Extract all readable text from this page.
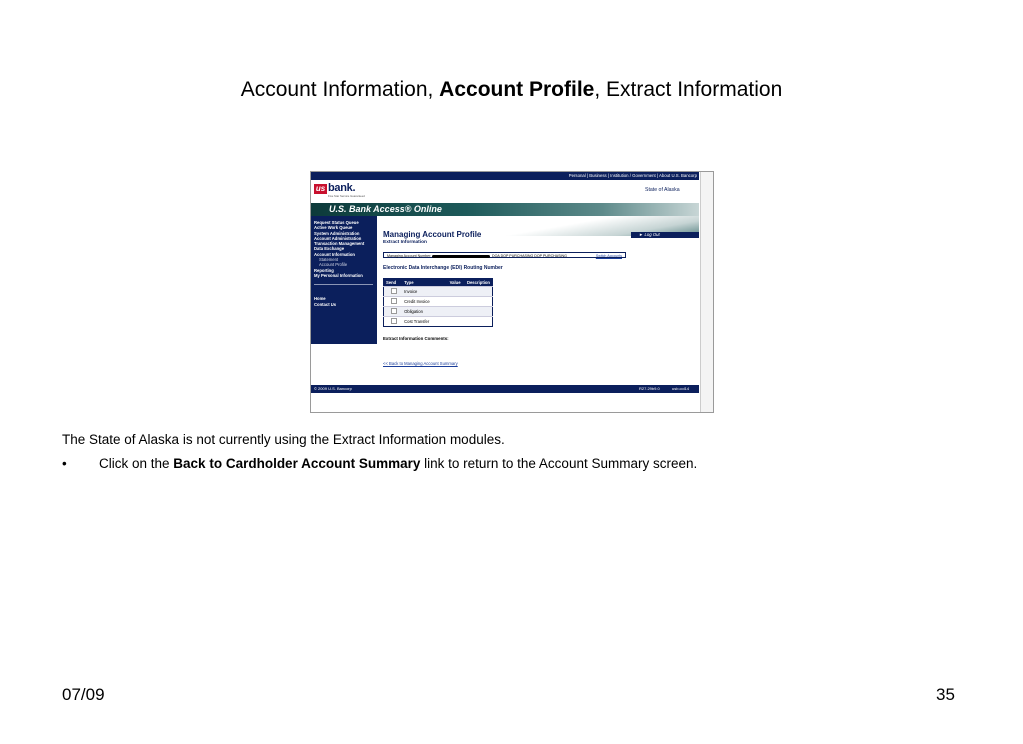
Account Information, Account Profile, Extract Information
Personal | Business | Institution / Government | About U.S. Bancorp
us bank.
Five Star Service Guaranteed
State of Alaska
U.S. Bank Access® Online
Request Status Queue
Active Work Queue
System Administration
Account Administration
Transaction Management
Data Exchange
Account Information
Statement
Account Profile
Reporting
My Personal Information
Home
Contact Us
► Log Out
Managing Account Profile
Extract Information
Managing Account Number:	DOA DOP PURCHASING DOP PURCHASING	Switch Accounts
Electronic Data Interchange (EDI) Routing Number
Send	Type	Value	Description
	Invoice		
	Credit Invoice		
	Obligation		
	Cost Transfer		
Extract Information Comments:
<< Back to Managing Account Summary
© 2009 U.S. Bancorp	R27.29b9.0	usb.col14
The State of Alaska is not currently using the Extract Information modules.
• Click on the Back to Cardholder Account Summary link to return to the Account Summary screen.
07/09	35
